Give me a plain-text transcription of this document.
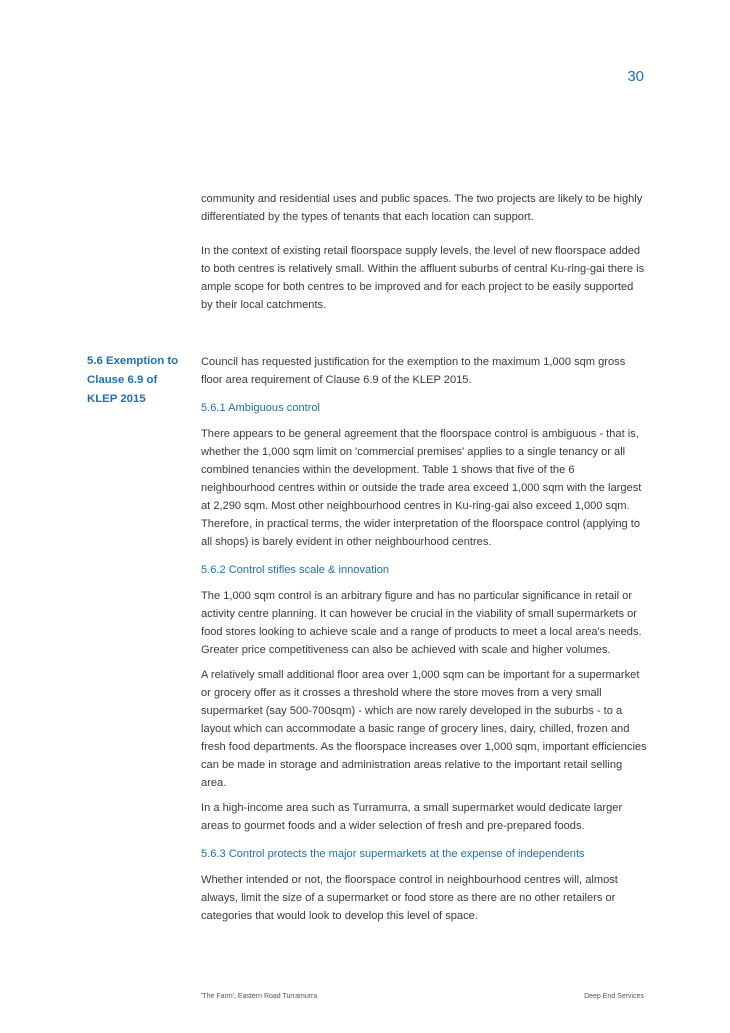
30

community and residential uses and public spaces. The two projects are likely to be highly differentiated by the types of tenants that each location can support.

In the context of existing retail floorspace supply levels, the level of new floorspace added to both centres is relatively small. Within the affluent suburbs of central Ku-ring-gai there is ample scope for both centres to be improved and for each project to be easily supported by their local catchments.

5.6 Exemption to
Clause 6.9 of
KLEP 2015

Council has requested justification for the exemption to the maximum 1,000 sqm gross floor area requirement of Clause 6.9 of the KLEP 2015.

5.6.1 Ambiguous control

There appears to be general agreement that the floorspace control is ambiguous - that is, whether the 1,000 sqm limit on 'commercial premises' applies to a single tenancy or all combined tenancies within the development. Table 1 shows that five of the 6 neighbourhood centres within or outside the trade area exceed 1,000 sqm with the largest at 2,290 sqm. Most other neighbourhood centres in Ku-ring-gai also exceed 1,000 sqm. Therefore, in practical terms, the wider interpretation of the floorspace control (applying to all shops) is barely evident in other neighbourhood centres.

5.6.2 Control stifles scale & innovation

The 1,000 sqm control is an arbitrary figure and has no particular significance in retail or activity centre planning. It can however be crucial in the viability of small supermarkets or food stores looking to achieve scale and a range of products to meet a local area's needs. Greater price competitiveness can also be achieved with scale and higher volumes.

A relatively small additional floor area over 1,000 sqm can be important for a supermarket or grocery offer as it crosses a threshold where the store moves from a very small supermarket (say 500-700sqm) - which are now rarely developed in the suburbs - to a layout which can accommodate a basic range of grocery lines, dairy, chilled, frozen and fresh food departments. As the floorspace increases over 1,000 sqm, important efficiencies can be made in storage and administration areas relative to the important retail selling area.

In a high-income area such as Turramurra, a small supermarket would dedicate larger areas to gourmet foods and a wider selection of fresh and pre-prepared foods.

5.6.3 Control protects the major supermarkets at the expense of independents

Whether intended or not, the floorspace control in neighbourhood centres will, almost always, limit the size of a supermarket or food store as there are no other retailers or categories that would look to develop this level of space.

'The Farm', Eastern Road Turramurra	Deep End Services
